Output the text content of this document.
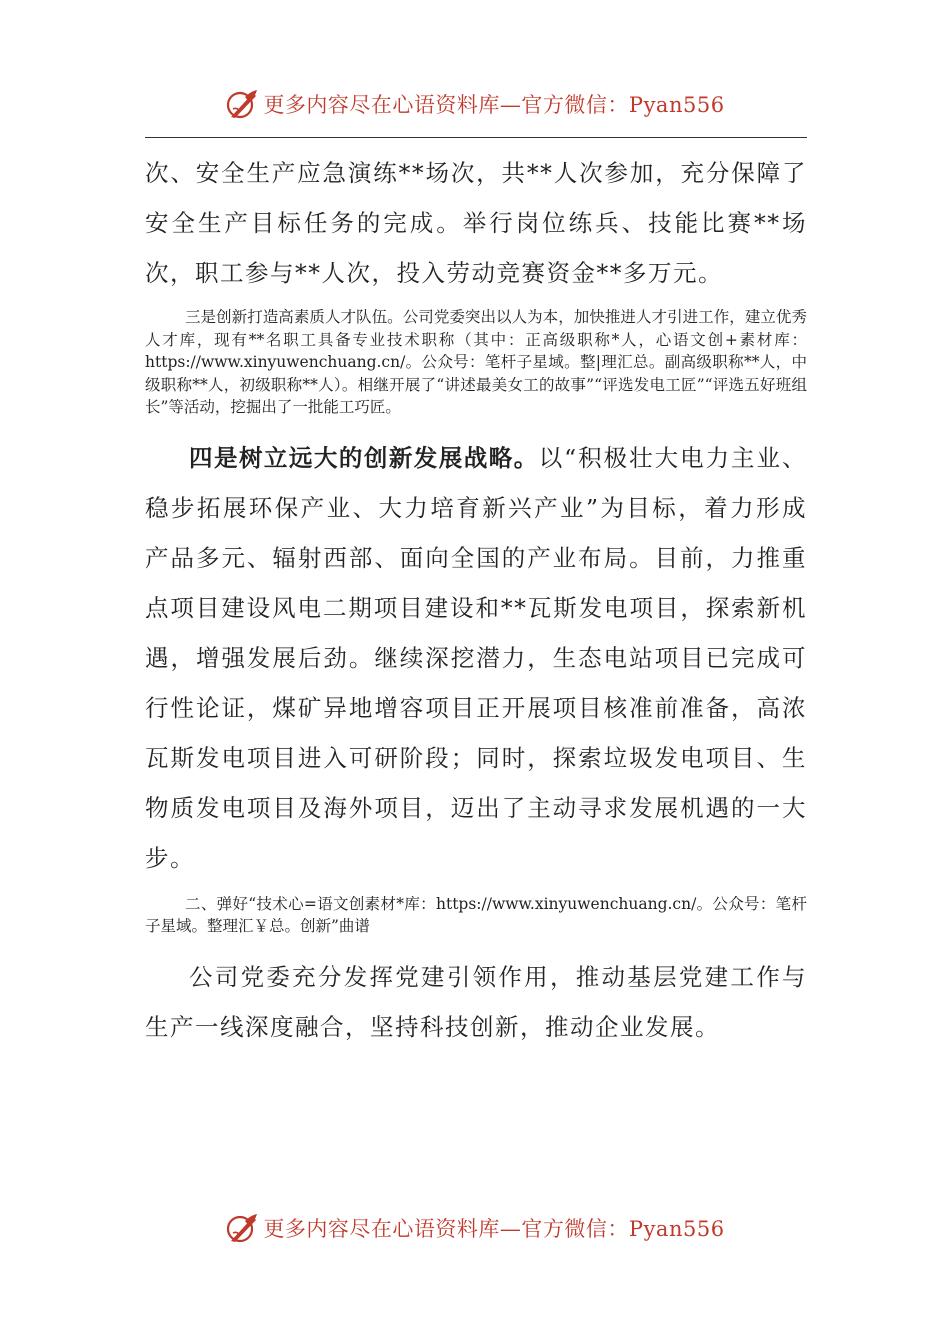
更多内容尽在心语资料库—官方微信：Pyan556

次、安全生产应急演练**场次，共**人次参加，充分保障了安全生产目标任务的完成。举行岗位练兵、技能比赛**场次，职工参与**人次，投入劳动竞赛资金**多万元。

三是创新打造高素质人才队伍。公司党委突出以人为本，加快推进人才引进工作，建立优秀人才库，现有**名职工具备专业技术职称（其中：正高级职称*人，心语文创+素材库：https://www.xinyuwenchuang.cn/。公众号：笔杆子星域。整|理汇总。副高级职称**人，中级职称**人，初级职称**人）。相继开展了“讲述最美女工的故事”“评选发电工匠”“评选五好班组长”等活动，挖掘出了一批能工巧匠。

四是树立远大的创新发展战略。以“积极壮大电力主业、稳步拓展环保产业、大力培育新兴产业”为目标，着力形成产品多元、辐射西部、面向全国的产业布局。目前，力推重点项目建设风电二期项目建设和**瓦斯发电项目，探索新机遇，增强发展后劲。继续深挖潜力，生态电站项目已完成可行性论证，煤矿异地增容项目正开展项目核准前准备，高浓瓦斯发电项目进入可研阶段；同时，探索垃圾发电项目、生物质发电项目及海外项目，迈出了主动寻求发展机遇的一大步。

二、弹好“技术心=语文创素材*库：https://www.xinyuwenchuang.cn/。公众号：笔杆子星域。整理汇￥总。创新”曲谱

公司党委充分发挥党建引领作用，推动基层党建工作与生产一线深度融合，坚持科技创新，推动企业发展。

更多内容尽在心语资料库—官方微信：Pyan556
